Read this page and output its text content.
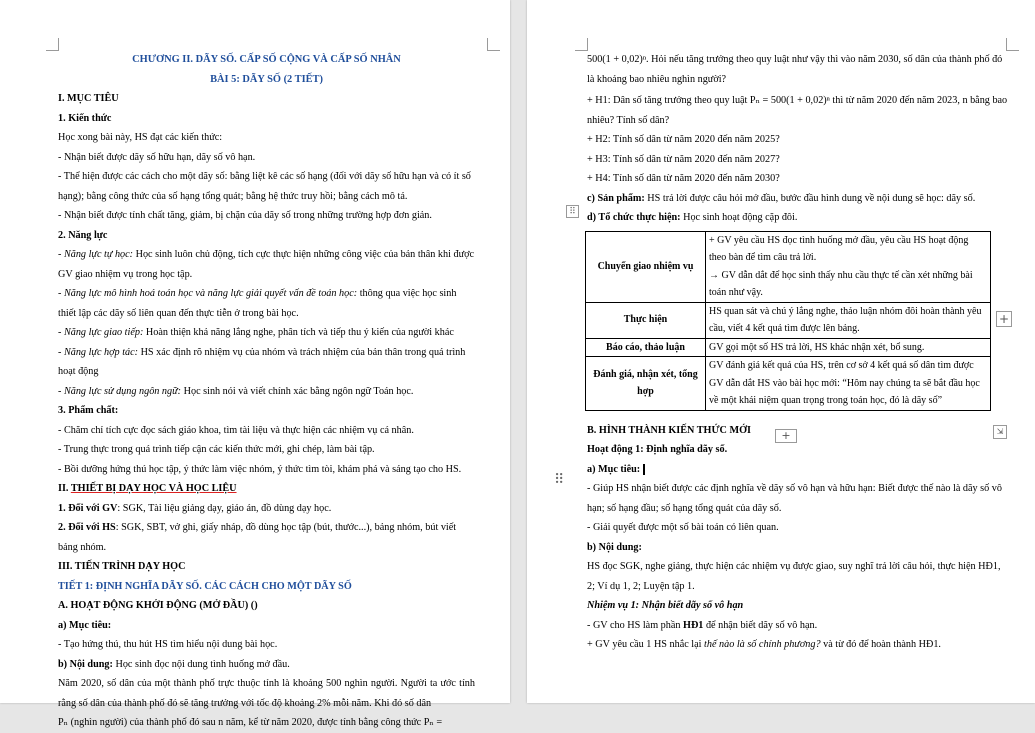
CHƯƠNG II. DÃY SỐ. CẤP SỐ CỘNG VÀ CẤP SỐ NHÂN

BÀI 5: DÃY SỐ (2 TIẾT)

I. MỤC TIÊU

1. Kiến thức

Học xong bài này, HS đạt các kiến thức:

- Nhận biết được dãy số hữu hạn, dãy số vô hạn.

- Thể hiện được các cách cho một dãy số: bằng liệt kê các số hạng (đối với dãy số hữu hạn và có ít số hạng); bằng công thức của số hạng tổng quát; bằng hệ thức truy hồi; bằng cách mô tả.

- Nhận biết được tính chất tăng, giảm, bị chặn của dãy số trong những trường hợp đơn giản.

2. Năng lực

- Năng lực tự học: Học sinh luôn chủ động, tích cực thực hiện những công việc của bản thân khi được GV giao nhiệm vụ trong học tập.

- Năng lực mô hình hoá toán học và năng lực giải quyết vấn đề toán học: thông qua việc học sinh thiết lập các dãy số liên quan đến thực tiễn ở trong bài học.

- Năng lực giao tiếp: Hoàn thiện khả năng lắng nghe, phân tích và tiếp thu ý kiến của người khác

- Năng lực hợp tác: HS xác định rõ nhiệm vụ của nhóm và trách nhiệm của bản thân trong quá trình hoạt động

- Năng lực sử dụng ngôn ngữ: Học sinh nói và viết chính xác bằng ngôn ngữ Toán học.

3. Phẩm chất:

- Chăm chỉ tích cực đọc sách giáo khoa, tìm tài liệu và thực hiện các nhiệm vụ cá nhân.

- Trung thực trong quá trình tiếp cận các kiến thức mới, ghi chép, làm bài tập.

- Bồi dưỡng hứng thú học tập, ý thức làm việc nhóm, ý thức tìm tòi, khám phá và sáng tạo cho HS.

II. THIẾT BỊ DẠY HỌC VÀ HỌC LIỆU

1. Đối với GV: SGK, Tài liệu giảng dạy, giáo án, đồ dùng dạy học.

2. Đối với HS: SGK, SBT, vở ghi, giấy nháp, đồ dùng học tập (bút, thước...), bảng nhóm, bút viết bảng nhóm.

III. TIẾN TRÌNH DẠY HỌC

TIẾT 1: ĐỊNH NGHĨA DÃY SỐ. CÁC CÁCH CHO MỘT DÃY SỐ

A. HOẠT ĐỘNG KHỞI ĐỘNG (MỞ ĐẦU) ()

a) Mục tiêu:

- Tạo hứng thú, thu hút HS tìm hiểu nội dung bài học.

b) Nội dung: Học sinh đọc nội dung tình huống mở đầu.

Năm 2020, số dân của một thành phố trực thuộc tỉnh là khoảng 500 nghìn người. Người ta ước tính rằng số dân của thành phố đó sẽ tăng trưởng với tốc độ khoảng 2% mỗi năm. Khi đó số dân

Pₙ (nghìn người) của thành phố đó sau n năm, kể từ năm 2020, được tính bằng công thức Pₙ =

500(1 + 0,02)ⁿ. Hỏi nếu tăng trưởng theo quy luật như vậy thì vào năm 2030, số dân của thành phố đó là khoảng bao nhiêu nghìn người?

+ H1: Dân số tăng trưởng theo quy luật Pₙ = 500(1 + 0,02)ⁿ thì từ năm 2020 đến năm 2023, n bằng bao nhiêu? Tính số dân?

+ H2: Tính số dân từ năm 2020 đến năm 2025?

+ H3: Tính số dân từ năm 2020 đến năm 2027?

+ H4: Tính số dân từ năm 2020 đến năm 2030?

c) Sản phẩm: HS trả lời được câu hỏi mở đầu, bước đầu hình dung về nội dung sẽ học: dãy số.

d) Tổ chức thực hiện: Học sinh hoạt động cặp đôi.

Chuyển giao nhiệm vụ	+ GV yêu cầu HS đọc tình huống mở đầu, yêu cầu HS hoạt động theo bàn để tìm câu trả lời.
→ GV dẫn dắt để học sinh thấy nhu cầu thực tế cần xét những bài toán như vậy.

Thực hiện	HS quan sát và chú ý lắng nghe, thảo luận nhóm đôi hoàn thành yêu cầu, viết 4 kết quả tìm được lên bảng.
Báo cáo, thảo luận	GV gọi một số HS trả lời, HS khác nhận xét, bổ sung.
Đánh giá, nhận xét, tổng hợp	GV đánh giá kết quả của HS, trên cơ sở 4 kết quả số dân tìm được GV dẫn dắt HS vào bài học mới: “Hôm nay chúng ta sẽ bắt đầu học về một khái niệm quan trọng trong toán học, đó là dãy số”

B. HÌNH THÀNH KIẾN THỨC MỚI

Hoạt động 1: Định nghĩa dãy số.

a) Mục tiêu:

- Giúp HS nhận biết được các định nghĩa về dãy số vô hạn và hữu hạn: Biết được thế nào là dãy số vô hạn; số hạng đầu; số hạng tổng quát của dãy số.

- Giải quyết được một số bài toán có liên quan.

b) Nội dung:

HS đọc SGK, nghe giảng, thực hiện các nhiệm vụ được giao, suy nghĩ trả lời câu hỏi, thực hiện HĐ1, 2; Ví dụ 1, 2; Luyện tập 1.

Nhiệm vụ 1: Nhận biết dãy số vô hạn

- GV cho HS làm phần HĐ1 để nhận biết dãy số vô hạn.

+ GV yêu cầu 1 HS nhắc lại thế nào là số chính phương? và từ đó để hoàn thành HĐ1.

⠿
+
+	⇲
⠿
